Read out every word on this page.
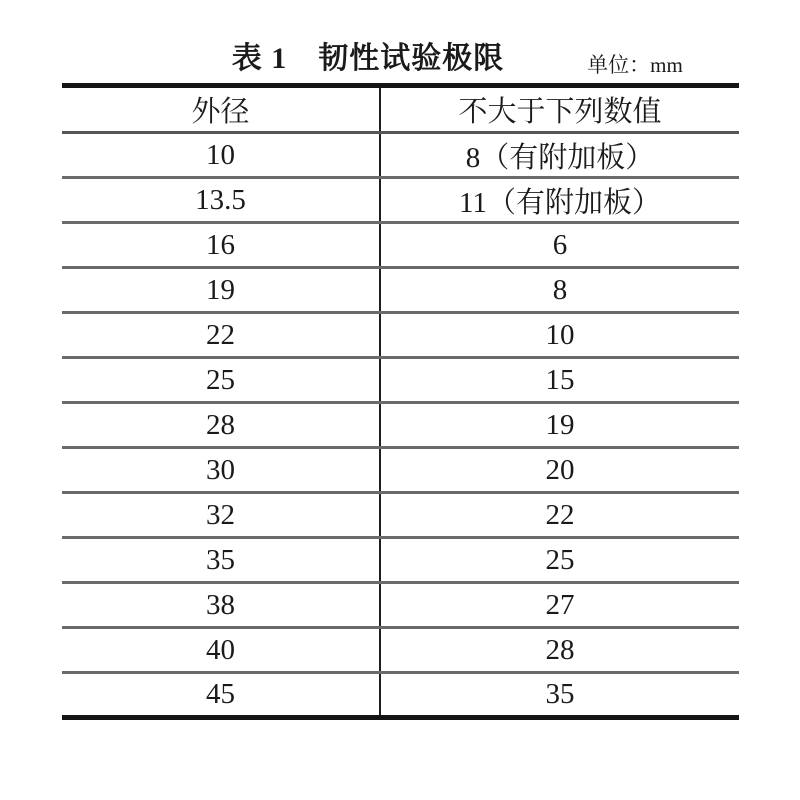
表 1　韧性试验极限	单位：mm
外径	不大于下列数值
10	8（有附加板）
13.5	11（有附加板）
16	6
19	8
22	10
25	15
28	19
30	20
32	22
35	25
38	27
40	28
45	35
